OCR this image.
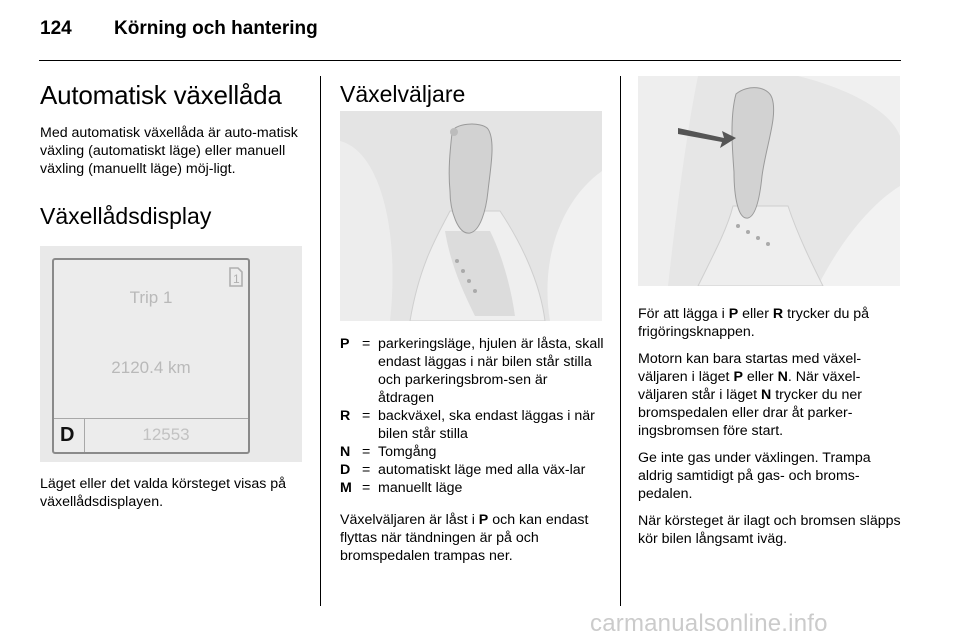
124 Körning och hantering
Automatisk växellåda

Med automatisk växellåda är auto-matisk växling (automatiskt läge) eller manuell växling (manuellt läge) möj-ligt.

Växellådsdisplay
1
Trip 1
2120.4 km
D	12553

Läget eller det valda körsteget visas på växellådsdisplayen.

Växelväljare
P	=	parkeringsläge, hjulen är låsta, skall endast läggas i när bilen står stilla och parkeringsbrom-sen är åtdragen
R	=	backväxel, ska endast läggas i när bilen står stilla
N	=	Tomgång
D	=	automatiskt läge med alla väx-lar
M	=	manuellt läge

Växelväljaren är låst i P och kan endast flyttas när tändningen är på och bromspedalen trampas ner.

För att lägga i P eller R trycker du på frigöringsknappen.

Motorn kan bara startas med växel-väljaren i läget P eller N. När växel-väljaren står i läget N trycker du ner bromspedalen eller drar åt parker-ingsbromsen före start.

Ge inte gas under växlingen. Trampa aldrig samtidigt på gas- och broms-pedalen.

När körsteget är ilagt och bromsen släpps kör bilen långsamt iväg.

carmanualsonline.info
